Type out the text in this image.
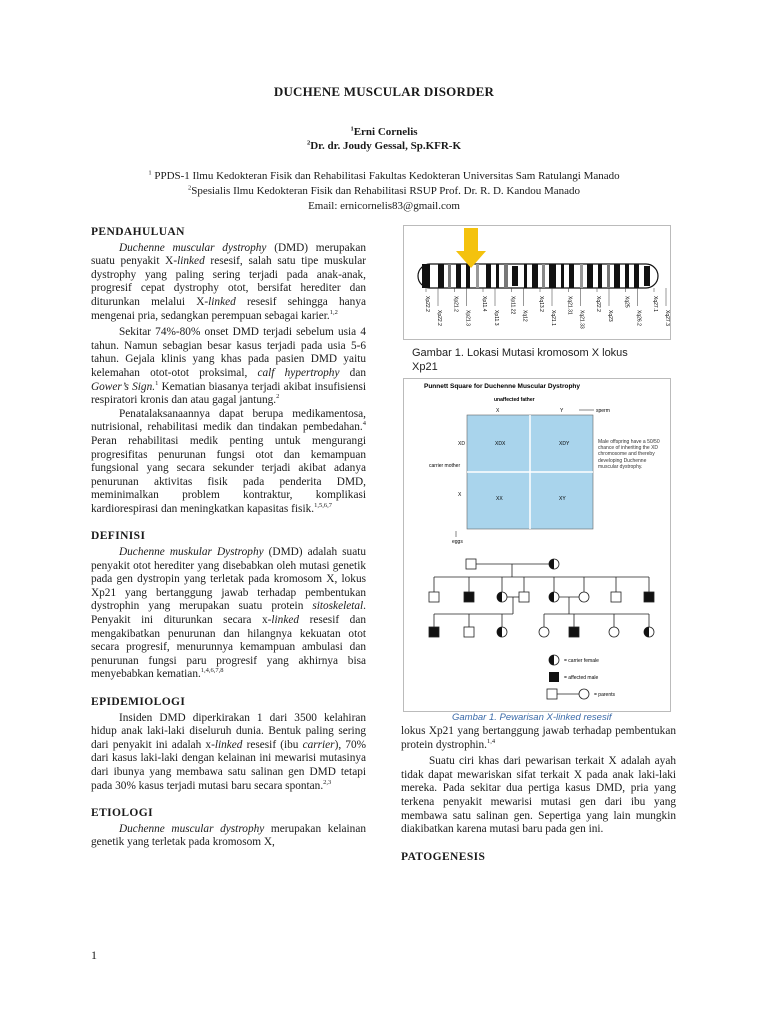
DUCHENE MUSCULAR DISORDER
$^1$Erni Cornelis
$^2$Dr. dr. Joudy Gessal, Sp.KFR-K
$^1$ PPDS-1 Ilmu Kedokteran Fisik dan Rehabilitasi Fakultas Kedokteran Universitas Sam Ratulangi Manado
$^2$Spesialis Ilmu Kedokteran Fisik dan Rehabilitasi RSUP Prof. Dr. R. D. Kandou Manado
Email: ernicornelis83@gmail.com
PENDAHULUAN

Duchenne muscular dystrophy (DMD) merupakan suatu penyakit X-linked resesif, salah satu tipe muskular dystrophy yang paling sering terjadi pada anak-anak, progresif cepat dystrophy otot, bersifat herediter dan diturunkan melalui X-linked resesif sehingga hanya mengenai pria, sedangkan perempuan sebagai karier.$^{1,2}$

Sekitar 74%-80% onset DMD terjadi sebelum usia 4 tahun. Namun sebagian besar kasus terjadi pada usia 5-6 tahun. Gejala klinis yang khas pada pasien DMD yaitu kelemahan otot-otot proksimal, calf hypertrophy dan Gower’s Sign.$^1$ Kematian biasanya terjadi akibat insufisiensi respiratori kronis dan atau gagal jantung.$^2$

Penatalaksanaannya dapat berupa medikamentosa, nutrisional, rehabilitasi medik dan tindakan pembedahan.$^4$ Peran rehabilitasi medik penting untuk mengurangi progresifitas penurunan fungsi otot dan kemampuan fungsional yang secara sekunder terjadi akibat adanya penurunan aktivitas fisik pada penderita DMD, meminimalkan problem kontraktur, komplikasi kardiorespirasi dan meningkatkan kapasitas fisik.$^{1,5,6,7}$

DEFINISI

Duchenne muskular Dystrophy (DMD) adalah suatu penyakit otot herediter yang disebabkan oleh mutasi genetik pada gen dystropin yang terletak pada kromosom X, lokus Xp21 yang bertanggung jawab terhadap pembentukan dystrophin yang merupakan suatu protein sitoskeletal. Penyakit ini diturunkan secara x-linked resesif dan mengakibatkan penurunan dan hilangnya kekuatan otot secara progresif, menurunnya kemampuan ambulasi dan penurunan fungsi paru progresif yang akhirnya bisa menyebabkan kematian.$^{1,4,6,7,8}$

EPIDEMIOLOGI

Insiden DMD diperkirakan 1 dari 3500 kelahiran hidup anak laki-laki diseluruh dunia. Bentuk paling sering dari penyakit ini adalah x-linked resesif (ibu carrier), 70% dari kasus laki-laki dengan kelainan ini mewarisi mutasinya dari ibunya yang membawa satu salinan gen DMD tetapi pada 30% kasus terjadi mutasi baru secara spontan.$^{2,3}$

ETIOLOGI

Duchenne muscular dystrophy merupakan kelainan genetik yang terletak pada kromosom X,

Xp22.2
Xp22.2
Xp21.2
Xp21.3
Xp11.4
Xp11.3
Xp11.22
Xq12
Xq13.2
Xq21.1
Xq21.31
Xq21.33
Xq22.2
Xq23
Xq25
Xq26.2
Xq27.1
Xq27.3
Gambar 1. Lokasi Mutasi kromosom X lokus Xp21
Punnett Square for Duchenne Muscular Dystrophy
unaffected father
X	Y	sperm
XDX	XDY
XX	XY
XD
X
carrier mother
eggs
Male offspring have a 50/50 chance of inheriting the XD chromosome and thereby developing Duchenne muscular dystrophy.
= carrier female
= affected male
= parents
Gambar 1. Pewarisan X-linked resesif

lokus Xp21 yang bertanggung jawab terhadap pembentukan protein dystrophin.$^{1,4}$

Suatu ciri khas dari pewarisan terkait X adalah ayah tidak dapat mewariskan sifat terkait X pada anak laki-laki mereka. Pada sekitar dua pertiga kasus DMD, pria yang terkena penyakit mewarisi mutasi gen dari ibu yang membawa satu salinan gen. Sepertiga yang lain mungkin diakibatkan karena mutasi baru pada gen ini.

PATOGENESIS
1
